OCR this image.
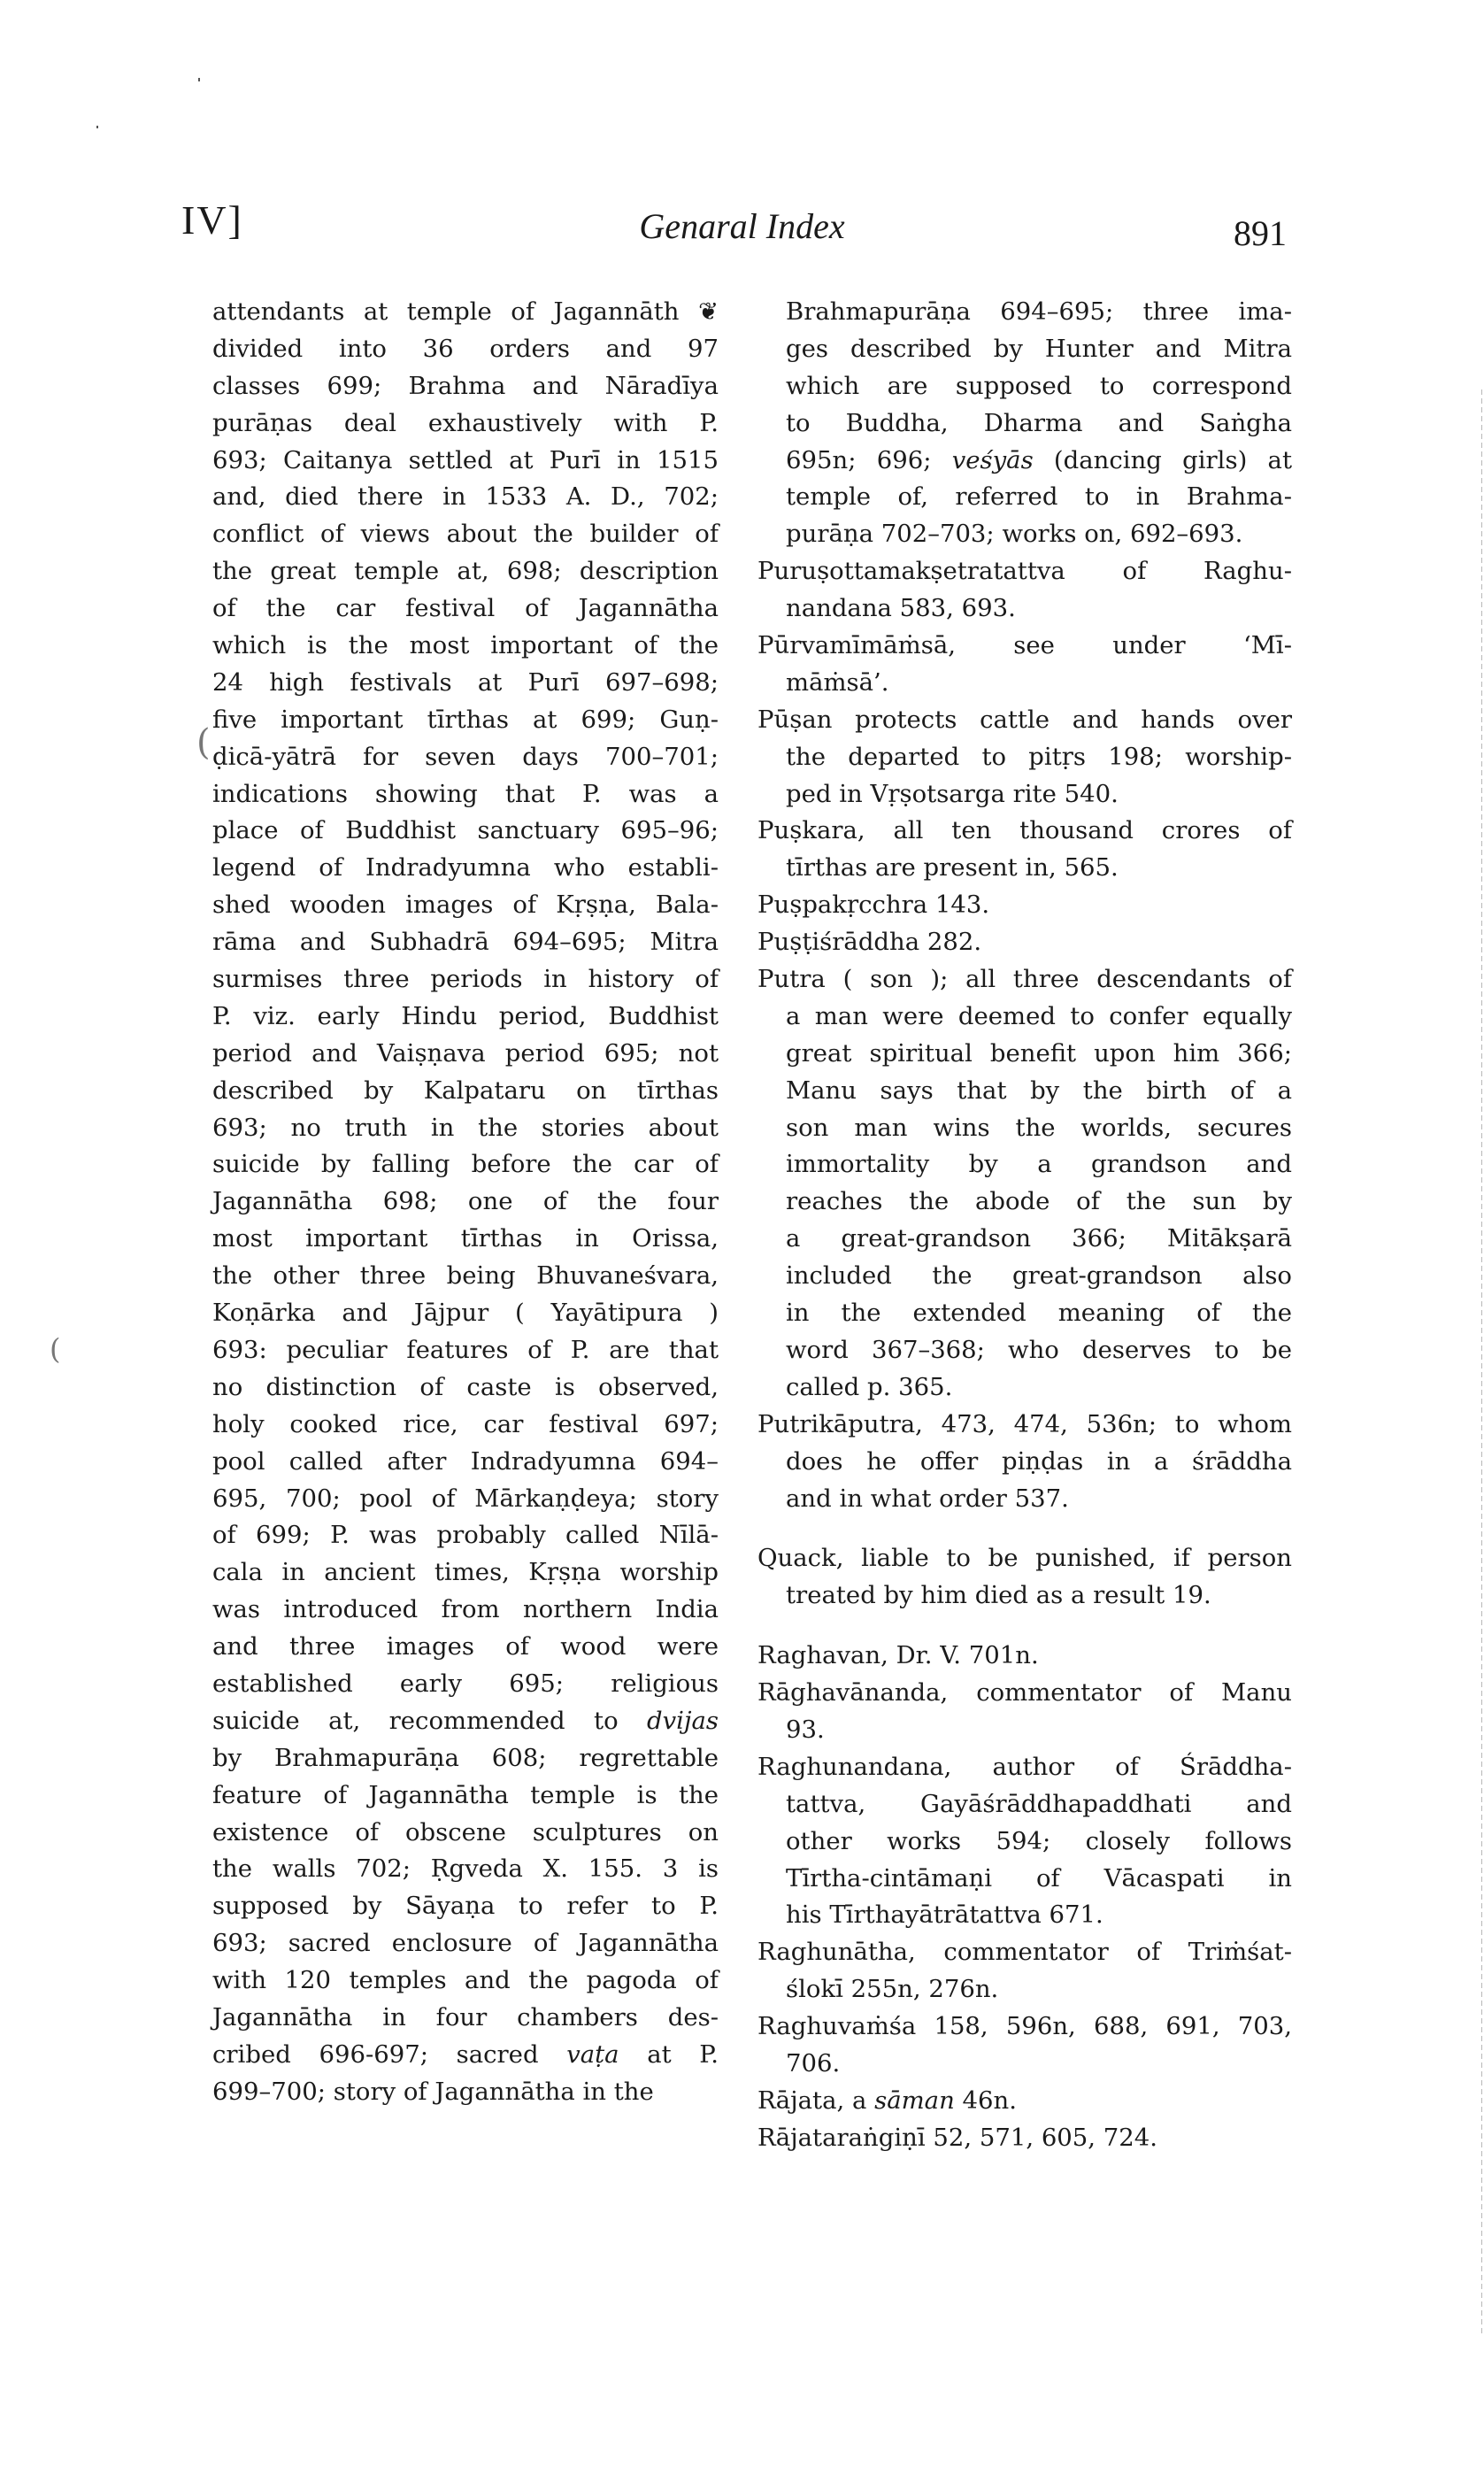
IV]	Genaral Index	891
attendants at temple of Jagannāth ❦
divided into 36 orders and 97
classes 699; Brahma and Nāradīya
purāṇas deal exhaustively with P.
693; Caitanya settled at Purī in 1515
and, died there in 1533 A. D., 702;
conflict of views about the builder of
the great temple at, 698; description
of the car festival of Jagannātha
which is the most important of the
24 high festivals at Purī 697–698;
five important tīrthas at 699; Guṇ-
ḍicā-yātrā for seven days 700–701;
indications showing that P. was a
place of Buddhist sanctuary 695–96;
legend of Indradyumna who establi-
shed wooden images of Kṛṣṇa, Bala-
rāma and Subhadrā 694–695; Mitra
surmises three periods in history of
P. viz. early Hindu period, Buddhist
period and Vaiṣṇava period 695; not
described by Kalpataru on tīrthas
693; no truth in the stories about
suicide by falling before the car of
Jagannātha 698; one of the four
most important tīrthas in Orissa,
the other three being Bhuvaneśvara,
Koṇārka and Jājpur ( Yayātipura )
693: peculiar features of P. are that
no distinction of caste is observed,
holy cooked rice, car festival 697;
pool called after Indradyumna 694–
695, 700; pool of Mārkaṇḍeya; story
of 699; P. was probably called Nīlā-
cala in ancient times, Kṛṣṇa worship
was introduced from northern India
and three images of wood were
established early 695; religious
suicide at, recommended to dvijas
by Brahmapurāṇa 608; regrettable
feature of Jagannātha temple is the
existence of obscene sculptures on
the walls 702; Ṛgveda X. 155. 3 is
supposed by Sāyaṇa to refer to P.
693; sacred enclosure of Jagannātha
with 120 temples and the pagoda of
Jagannātha in four chambers des-
cribed 696-697; sacred vaṭa at P.
699–700; story of Jagannātha in the
Brahmapurāṇa 694–695; three ima-
ges described by Hunter and Mitra
which are supposed to correspond
to Buddha, Dharma and Saṅgha
695n; 696; veśyās (dancing girls) at
temple of, referred to in Brahma-
purāṇa 702–703; works on, 692–693.
Puruṣottamakṣetratattva of Raghu-
nandana 583, 693.
Pūrvamīmāṁsā, see under ‘Mī-
māṁsā’.
Pūṣan protects cattle and hands over
the departed to pitṛs 198; worship-
ped in Vṛṣotsarga rite 540.
Puṣkara, all ten thousand crores of
tīrthas are present in, 565.
Puṣpakṛcchra 143.
Puṣṭiśrāddha 282.
Putra ( son ); all three descendants of
a man were deemed to confer equally
great spiritual benefit upon him 366;
Manu says that by the birth of a
son man wins the worlds, secures
immortality by a grandson and
reaches the abode of the sun by
a great-grandson 366; Mitākṣarā
included the great-grandson also
in the extended meaning of the
word 367–368; who deserves to be
called p. 365.
Putrikāputra, 473, 474, 536n; to whom
does he offer piṇḍas in a śrāddha
and in what order 537.
Quack, liable to be punished, if person
treated by him died as a result 19.
Raghavan, Dr. V. 701n.
Rāghavānanda, commentator of Manu
93.
Raghunandana, author of Śrāddha-
tattva, Gayāśrāddhapaddhati and
other works 594; closely follows
Tīrtha-cintāmaṇi of Vācaspati in
his Tīrthayātrātattva 671.
Raghunātha, commentator of Triṁśat-
ślokī 255n, 276n.
Raghuvaṁśa 158, 596n, 688, 691, 703,
706.
Rājata, a sāman 46n.
Rājataraṅgiṇī 52, 571, 605, 724.
(
(
